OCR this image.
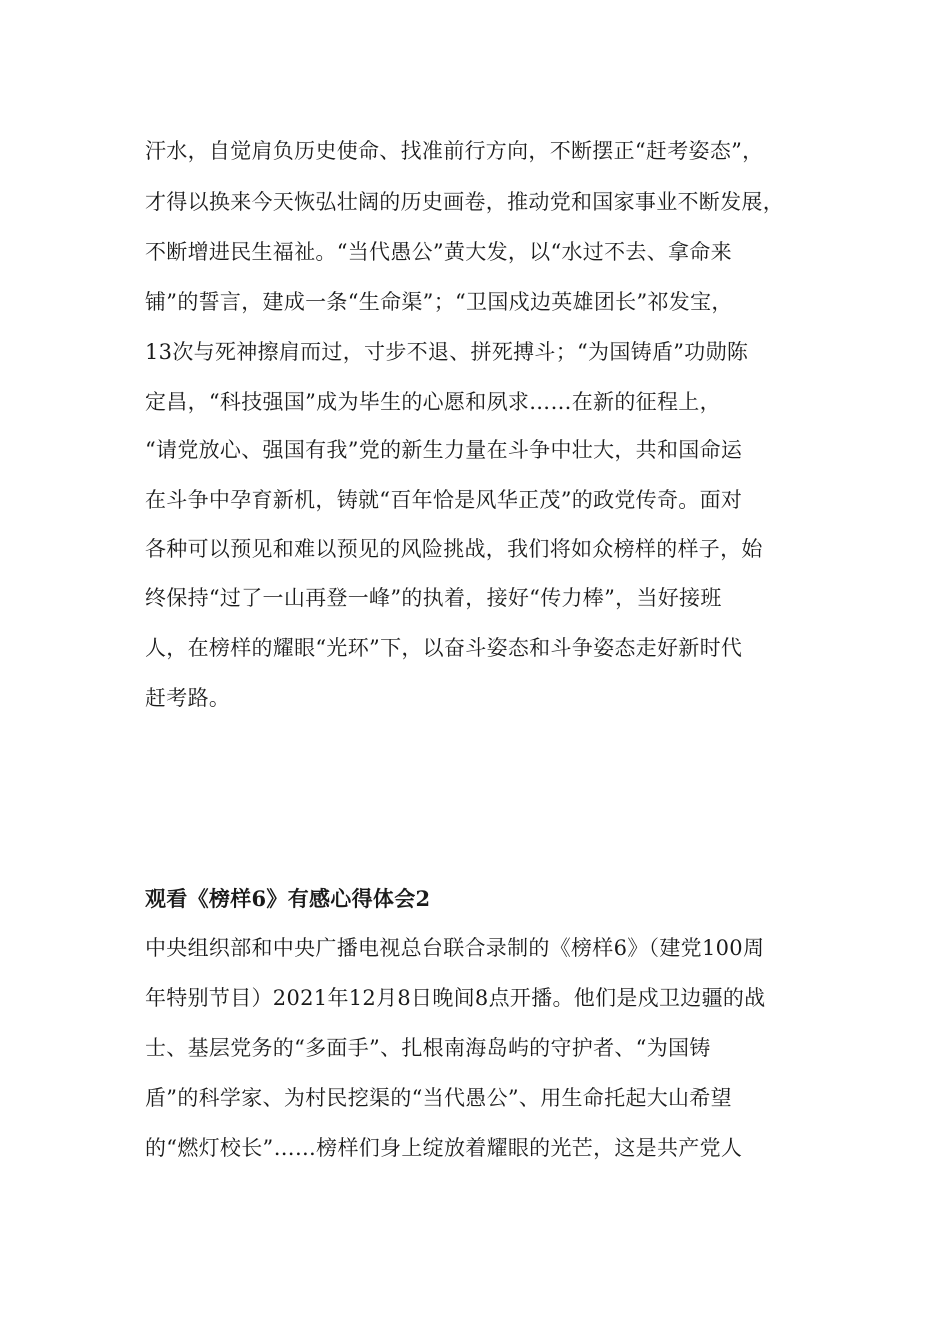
汗水，自觉肩负历史使命、找准前行方向，不断摆正“赶考姿态”，
才得以换来今天恢弘壮阔的历史画卷，推动党和国家事业不断发展，
不断增进民生福祉。“当代愚公”黄大发，以“水过不去、拿命来
铺”的誓言，建成一条“生命渠”；“卫国戍边英雄团长”祁发宝，
13次与死神擦肩而过，寸步不退、拼死搏斗；“为国铸盾”功勋陈
定昌，“科技强国”成为毕生的心愿和夙求……在新的征程上，
“请党放心、强国有我”党的新生力量在斗争中壮大，共和国命运
在斗争中孕育新机，铸就“百年恰是风华正茂”的政党传奇。面对
各种可以预见和难以预见的风险挑战，我们将如众榜样的样子，始
终保持“过了一山再登一峰”的执着，接好“传力棒”，当好接班
人，在榜样的耀眼“光环”下，以奋斗姿态和斗争姿态走好新时代
赶考路。
观看《榜样6》有感心得体会2
中央组织部和中央广播电视总台联合录制的《榜样6》（建党100周
年特别节目）2021年12月8日晚间8点开播。他们是戍卫边疆的战
士、基层党务的“多面手”、扎根南海岛屿的守护者、“为国铸
盾”的科学家、为村民挖渠的“当代愚公”、用生命托起大山希望
的“燃灯校长”……榜样们身上绽放着耀眼的光芒，这是共产党人
